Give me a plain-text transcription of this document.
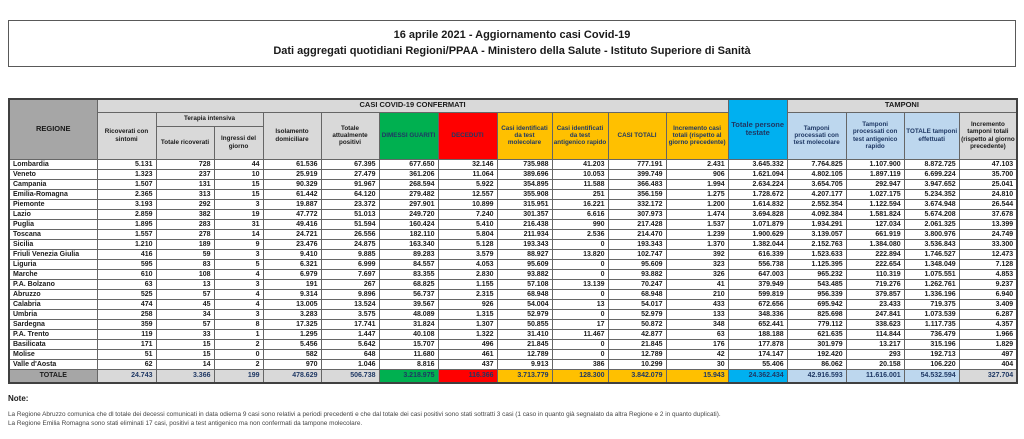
16 aprile 2021 - Aggiornamento casi Covid-19
Dati aggregati quotidiani Regioni/PPAA - Ministero della Salute - Istituto Superiore di Sanità
REGIONE	CASI COVID-19 CONFERMATI											Totale persone testate	TAMPONI			
	Ricoverati con sintomi	Terapia intensiva		Isolamento domiciliare	Totale attualmente positivi	DIMESSI GUARITI	DECEDUTI	Casi identificati da test molecolare	Casi identificati da test antigenico rapido	CASI TOTALI	Incremento casi totali (rispetto al giorno precedente)		Tamponi processati con test molecolare	Tamponi processati con test antigenico rapido	TOTALE tamponi effettuati	Incremento tamponi totali (rispetto al giorno precedente)
		Totale ricoverati	Ingressi del giorno													
Lombardia	5.131	728	44	61.536	67.395	677.650	32.146	735.988	41.203	777.191	2.431	3.645.332	7.764.825	1.107.900	8.872.725	47.103
Veneto	1.323	237	10	25.919	27.479	361.206	11.064	389.696	10.053	399.749	906	1.621.094	4.802.105	1.897.119	6.699.224	35.700
Campania	1.507	131	15	90.329	91.967	268.594	5.922	354.895	11.588	366.483	1.994	2.634.224	3.654.705	292.947	3.947.652	25.041
Emilia-Romagna	2.365	313	15	61.442	64.120	279.482	12.557	355.908	251	356.159	1.275	1.728.672	4.207.177	1.027.175	5.234.352	24.810
Piemonte	3.193	292	3	19.887	23.372	297.901	10.899	315.951	16.221	332.172	1.200	1.614.832	2.552.354	1.122.594	3.674.948	26.544
Lazio	2.859	382	19	47.772	51.013	249.720	7.240	301.357	6.616	307.973	1.474	3.694.828	4.092.384	1.581.824	5.674.208	37.678
Puglia	1.895	283	31	49.416	51.594	160.424	5.410	216.438	990	217.428	1.537	1.071.879	1.934.291	127.034	2.061.325	13.399
Toscana	1.557	278	14	24.721	26.556	182.110	5.804	211.934	2.536	214.470	1.239	1.900.629	3.139.057	661.919	3.800.976	24.749
Sicilia	1.210	189	9	23.476	24.875	163.340	5.128	193.343	0	193.343	1.370	1.382.044	2.152.763	1.384.080	3.536.843	33.300
Friuli Venezia Giulia	416	59	3	9.410	9.885	89.283	3.579	88.927	13.820	102.747	392	616.339	1.523.633	222.894	1.746.527	12.473
Liguria	595	83	5	6.321	6.999	84.557	4.053	95.609	0	95.609	323	556.738	1.125.395	222.654	1.348.049	7.128
Marche	610	108	4	6.979	7.697	83.355	2.830	93.882	0	93.882	326	647.003	965.232	110.319	1.075.551	4.853
P.A. Bolzano	63	13	3	191	267	68.825	1.155	57.108	13.139	70.247	41	379.949	543.485	719.276	1.262.761	9.237
Abruzzo	525	57	4	9.314	9.896	56.737	2.315	68.948	0	68.948	210	599.819	956.339	379.857	1.336.196	6.940
Calabria	474	45	4	13.005	13.524	39.567	926	54.004	13	54.017	433	672.656	695.942	23.433	719.375	3.409
Umbria	258	34	3	3.283	3.575	48.089	1.315	52.979	0	52.979	133	348.336	825.698	247.841	1.073.539	6.287
Sardegna	359	57	8	17.325	17.741	31.824	1.307	50.855	17	50.872	348	652.441	779.112	338.623	1.117.735	4.357
P.A. Trento	119	33	1	1.295	1.447	40.108	1.322	31.410	11.467	42.877	63	188.188	621.635	114.844	736.479	1.966
Basilicata	171	15	2	5.456	5.642	15.707	496	21.845	0	21.845	176	177.878	301.979	13.217	315.196	1.829
Molise	51	15	0	582	648	11.680	461	12.789	0	12.789	42	174.147	192.420	293	192.713	497
Valle d'Aosta	62	14	2	970	1.046	8.816	437	9.913	386	10.299	30	55.406	86.062	20.158	106.220	404
TOTALE	24.743	3.366	199	478.629	506.738	3.218.975	116.366	3.713.779	128.300	3.842.079	15.943	24.362.434	42.916.593	11.616.001	54.532.594	327.704
Note:
La Regione Abruzzo comunica che dl totale dei decessi comunicati in data odierna 9 casi sono relativi a periodi precedenti e che dal totale dei casi positivi sono stati sottratti 3 casi (1 caso in quanto già segnalato da altra Regione e 2 in quanto duplicati).
La Regione Emilia Romagna sono stati eliminati 17 casi, positivi a test antigenico ma non confermati da tampone molecolare.
